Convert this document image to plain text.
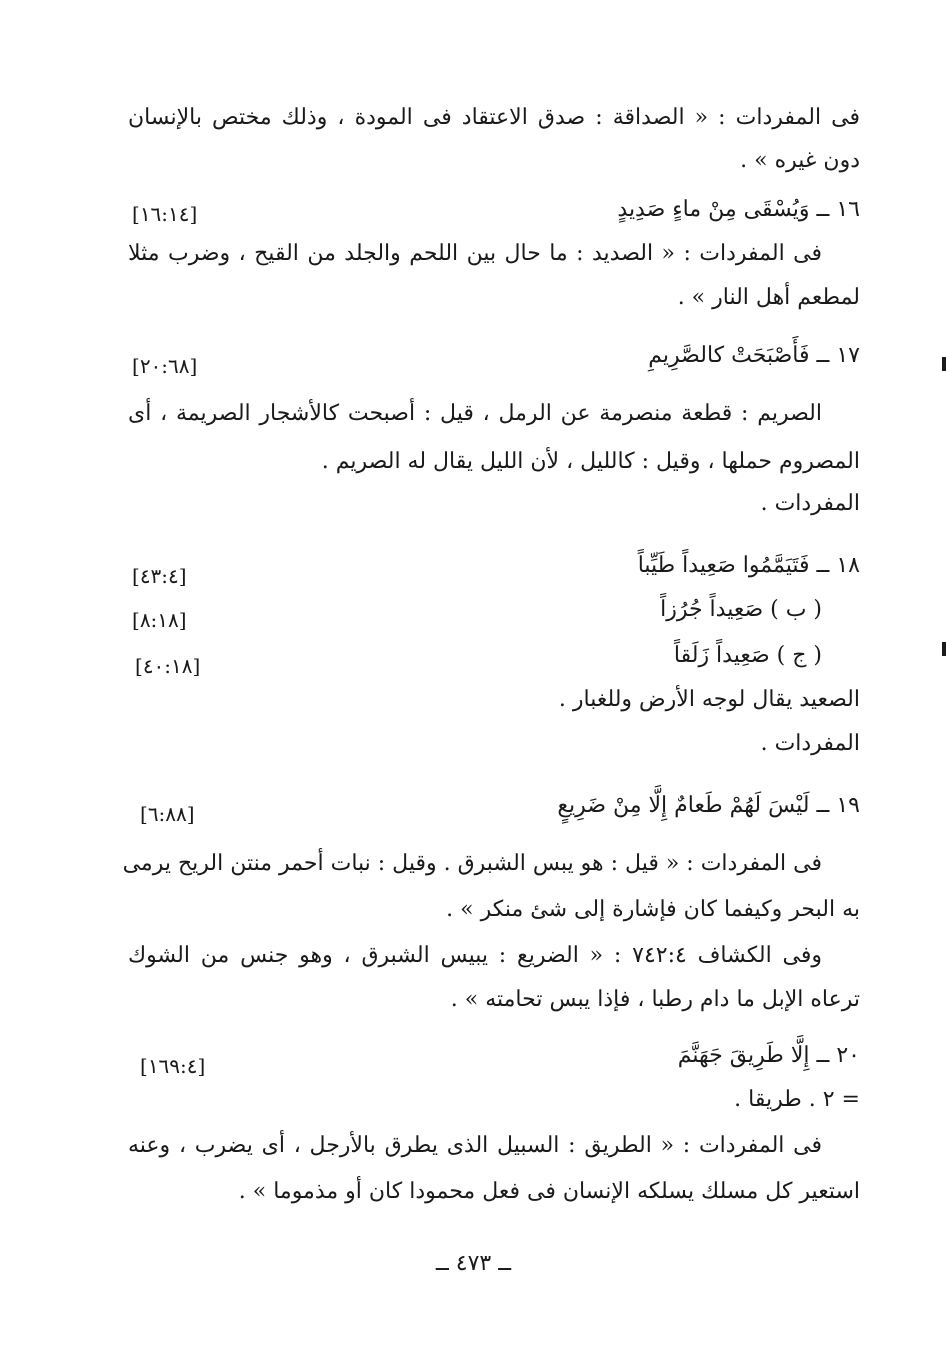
فى المفردات : « الصداقة : صدق الاعتقاد فى المودة ، وذلك مختص بالإنسان
دون غيره » .
١٦ ــ وَيُسْقَى مِنْ ماءٍ صَدِيدٍ
[١٦:١٤]
فى المفردات : « الصديد : ما حال بين اللحم والجلد من القيح ، وضرب مثلا
لمطعم أهل النار » .
١٧ ــ فَأَصْبَحَتْ كالصَّرِيمِ
[٢٠:٦٨]
الصريم : قطعة منصرمة عن الرمل ، قيل : أصبحت كالأشجار الصريمة ، أى
المصروم حملها ، وقيل : كالليل ، لأن الليل يقال له الصريم .
المفردات .
١٨ ــ فَتَيَمَّمُوا صَعِيداً طَيِّباً
[٤٣:٤]
( ب ) صَعِيداً جُرُزاً
[٨:١٨]
( ج ) صَعِيداً زَلَقاً
[٤٠:١٨]
الصعيد يقال لوجه الأرض وللغبار .
المفردات .
١٩ ــ لَيْسَ لَهُمْ طَعامٌ إِلَّا مِنْ ضَرِيعٍ
[٦:٨٨]
فى المفردات : « قيل : هو يبس الشبرق . وقيل : نبات أحمر منتن الريح يرمى
به البحر وكيفما كان فإشارة إلى شئ منكر » .
وفى الكشاف ٧٤٢:٤ : « الضريع : يبيس الشبرق ، وهو جنس من الشوك
ترعاه الإبل ما دام رطبا ، فإذا يبس تحامته » .
٢٠ ــ إِلَّا طَرِيقَ جَهَنَّمَ
[١٦٩:٤]
= ٢ . طريقا .
فى المفردات : « الطريق : السبيل الذى يطرق بالأرجل ، أى يضرب ، وعنه
استعير كل مسلك يسلكه الإنسان فى فعل محمودا كان أو مذموما » .
ــ ٤٧٣ ــ
